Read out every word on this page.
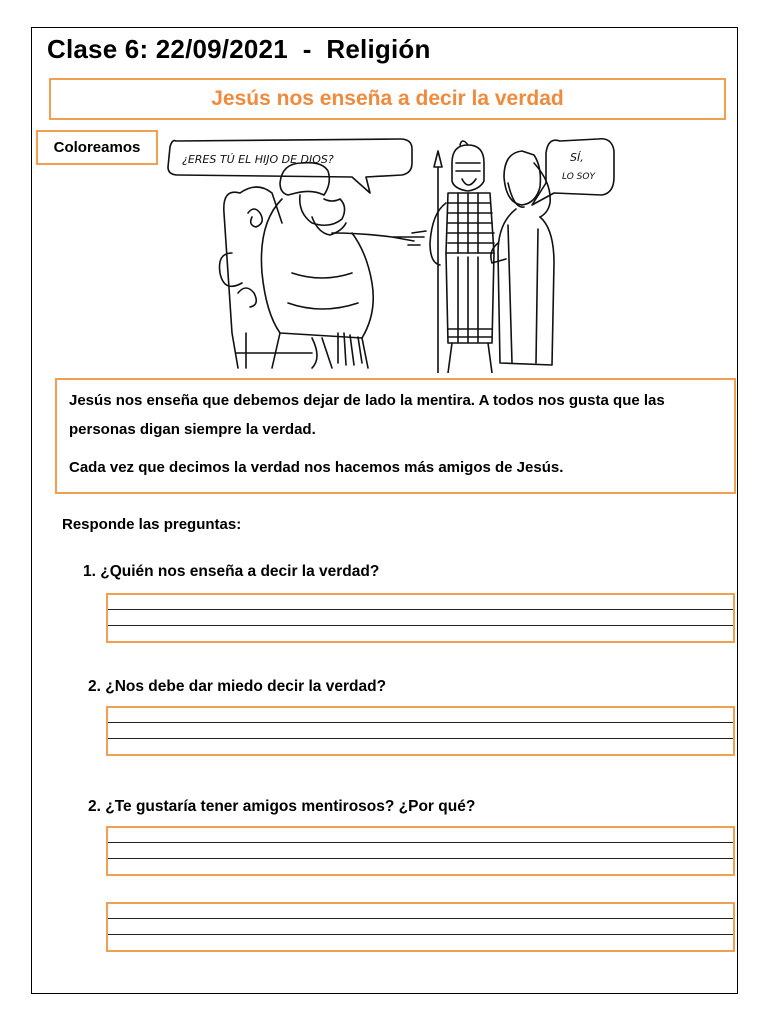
Clase 6: 22/09/2021  -  Religión
Jesús nos enseña a decir la verdad
Coloreamos
¿ERES TÚ EL HIJO DE DIOS?	SÍ,
LO SOY

Jesús nos enseña que debemos dejar de lado la mentira. A todos nos gusta que las personas digan siempre la verdad.

Cada vez que decimos la verdad nos hacemos más amigos de Jesús.

Responde las preguntas:
1. ¿Quién nos enseña a decir la verdad?
2. ¿Nos debe dar miedo decir la verdad?
2. ¿Te gustaría tener amigos mentirosos? ¿Por qué?
